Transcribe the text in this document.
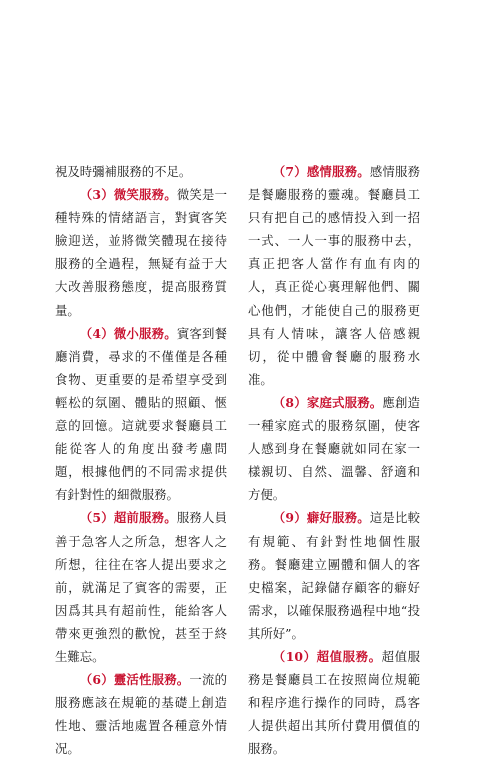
視及時彌補服務的不足。

（3）微笑服務。微笑是一種特殊的情緒語言，對賓客笑臉迎送，並將微笑體現在接待服務的全過程，無疑有益于大大改善服務態度，提高服務質量。

（4）微小服務。賓客到餐廳消費，尋求的不僅僅是各種食物、更重要的是希望享受到輕松的氛圍、體貼的照顧、愜意的回憶。這就要求餐廳員工能從客人的角度出發考慮問題，根據他們的不同需求提供有針對性的細微服務。

（5）超前服務。服務人員善于急客人之所急，想客人之所想，往往在客人提出要求之前，就滿足了賓客的需要，正因爲其具有超前性，能給客人帶來更強烈的歡悅，甚至于終生難忘。

（6）靈活性服務。一流的服務應該在規範的基礎上創造性地、靈活地處置各種意外情况。

（7）感情服務。感情服務是餐廳服務的靈魂。餐廳員工只有把自己的感情投入到一招一式、一人一事的服務中去，真正把客人當作有血有肉的人，真正從心裏理解他們、關心他們，才能使自己的服務更具有人情味，讓客人倍感親切，從中體會餐廳的服務水准。

（8）家庭式服務。應創造一種家庭式的服務氛圍，使客人感到身在餐廳就如同在家一樣親切、自然、溫馨、舒適和方便。

（9）癖好服務。這是比較有規範、有針對性地個性服務。餐廳建立團體和個人的客史檔案，記錄儲存顧客的癖好需求，以確保服務過程中地“投其所好”。

（10）超值服務。超值服務是餐廳員工在按照崗位規範和程序進行操作的同時，爲客人提供超出其所付費用價值的服務。
